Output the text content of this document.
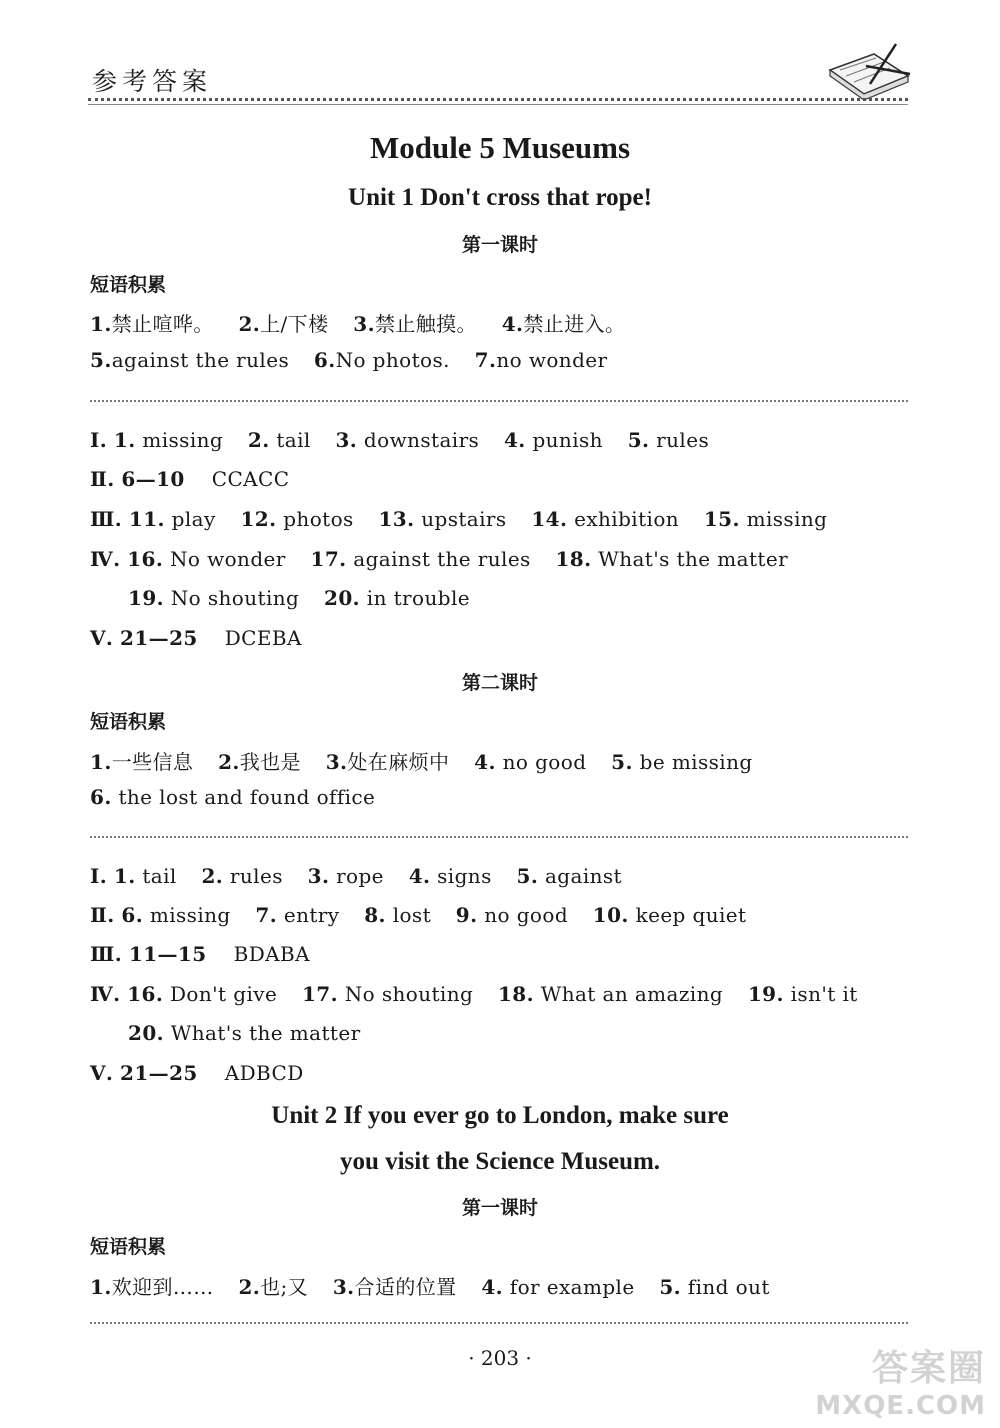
参考答案
Module 5 Museums
Unit 1 Don't cross that rope!
第一课时
短语积累
1.禁止喧哗。 2.上/下楼 3.禁止触摸。 4.禁止进入。
5.against the rules 6.No photos. 7.no wonder
Ⅰ. 1. missing 2. tail 3. downstairs 4. punish 5. rules
Ⅱ. 6—10 CCACC
Ⅲ. 11. play 12. photos 13. upstairs 14. exhibition 15. missing
Ⅳ. 16. No wonder 17. against the rules 18. What's the matter
19. No shouting 20. in trouble
Ⅴ. 21—25 DCEBA
第二课时
短语积累
1.一些信息 2.我也是 3.处在麻烦中 4. no good 5. be missing
6. the lost and found office
Ⅰ. 1. tail 2. rules 3. rope 4. signs 5. against
Ⅱ. 6. missing 7. entry 8. lost 9. no good 10. keep quiet
Ⅲ. 11—15 BDABA
Ⅳ. 16. Don't give 17. No shouting 18. What an amazing 19. isn't it
20. What's the matter
Ⅴ. 21—25 ADBCD
Unit 2 If you ever go to London, make sure
you visit the Science Museum.
第一课时
短语积累
1.欢迎到…… 2.也;又 3.合适的位置 4. for example 5. find out
· 203 ·	答案圈
MXQE.COM
